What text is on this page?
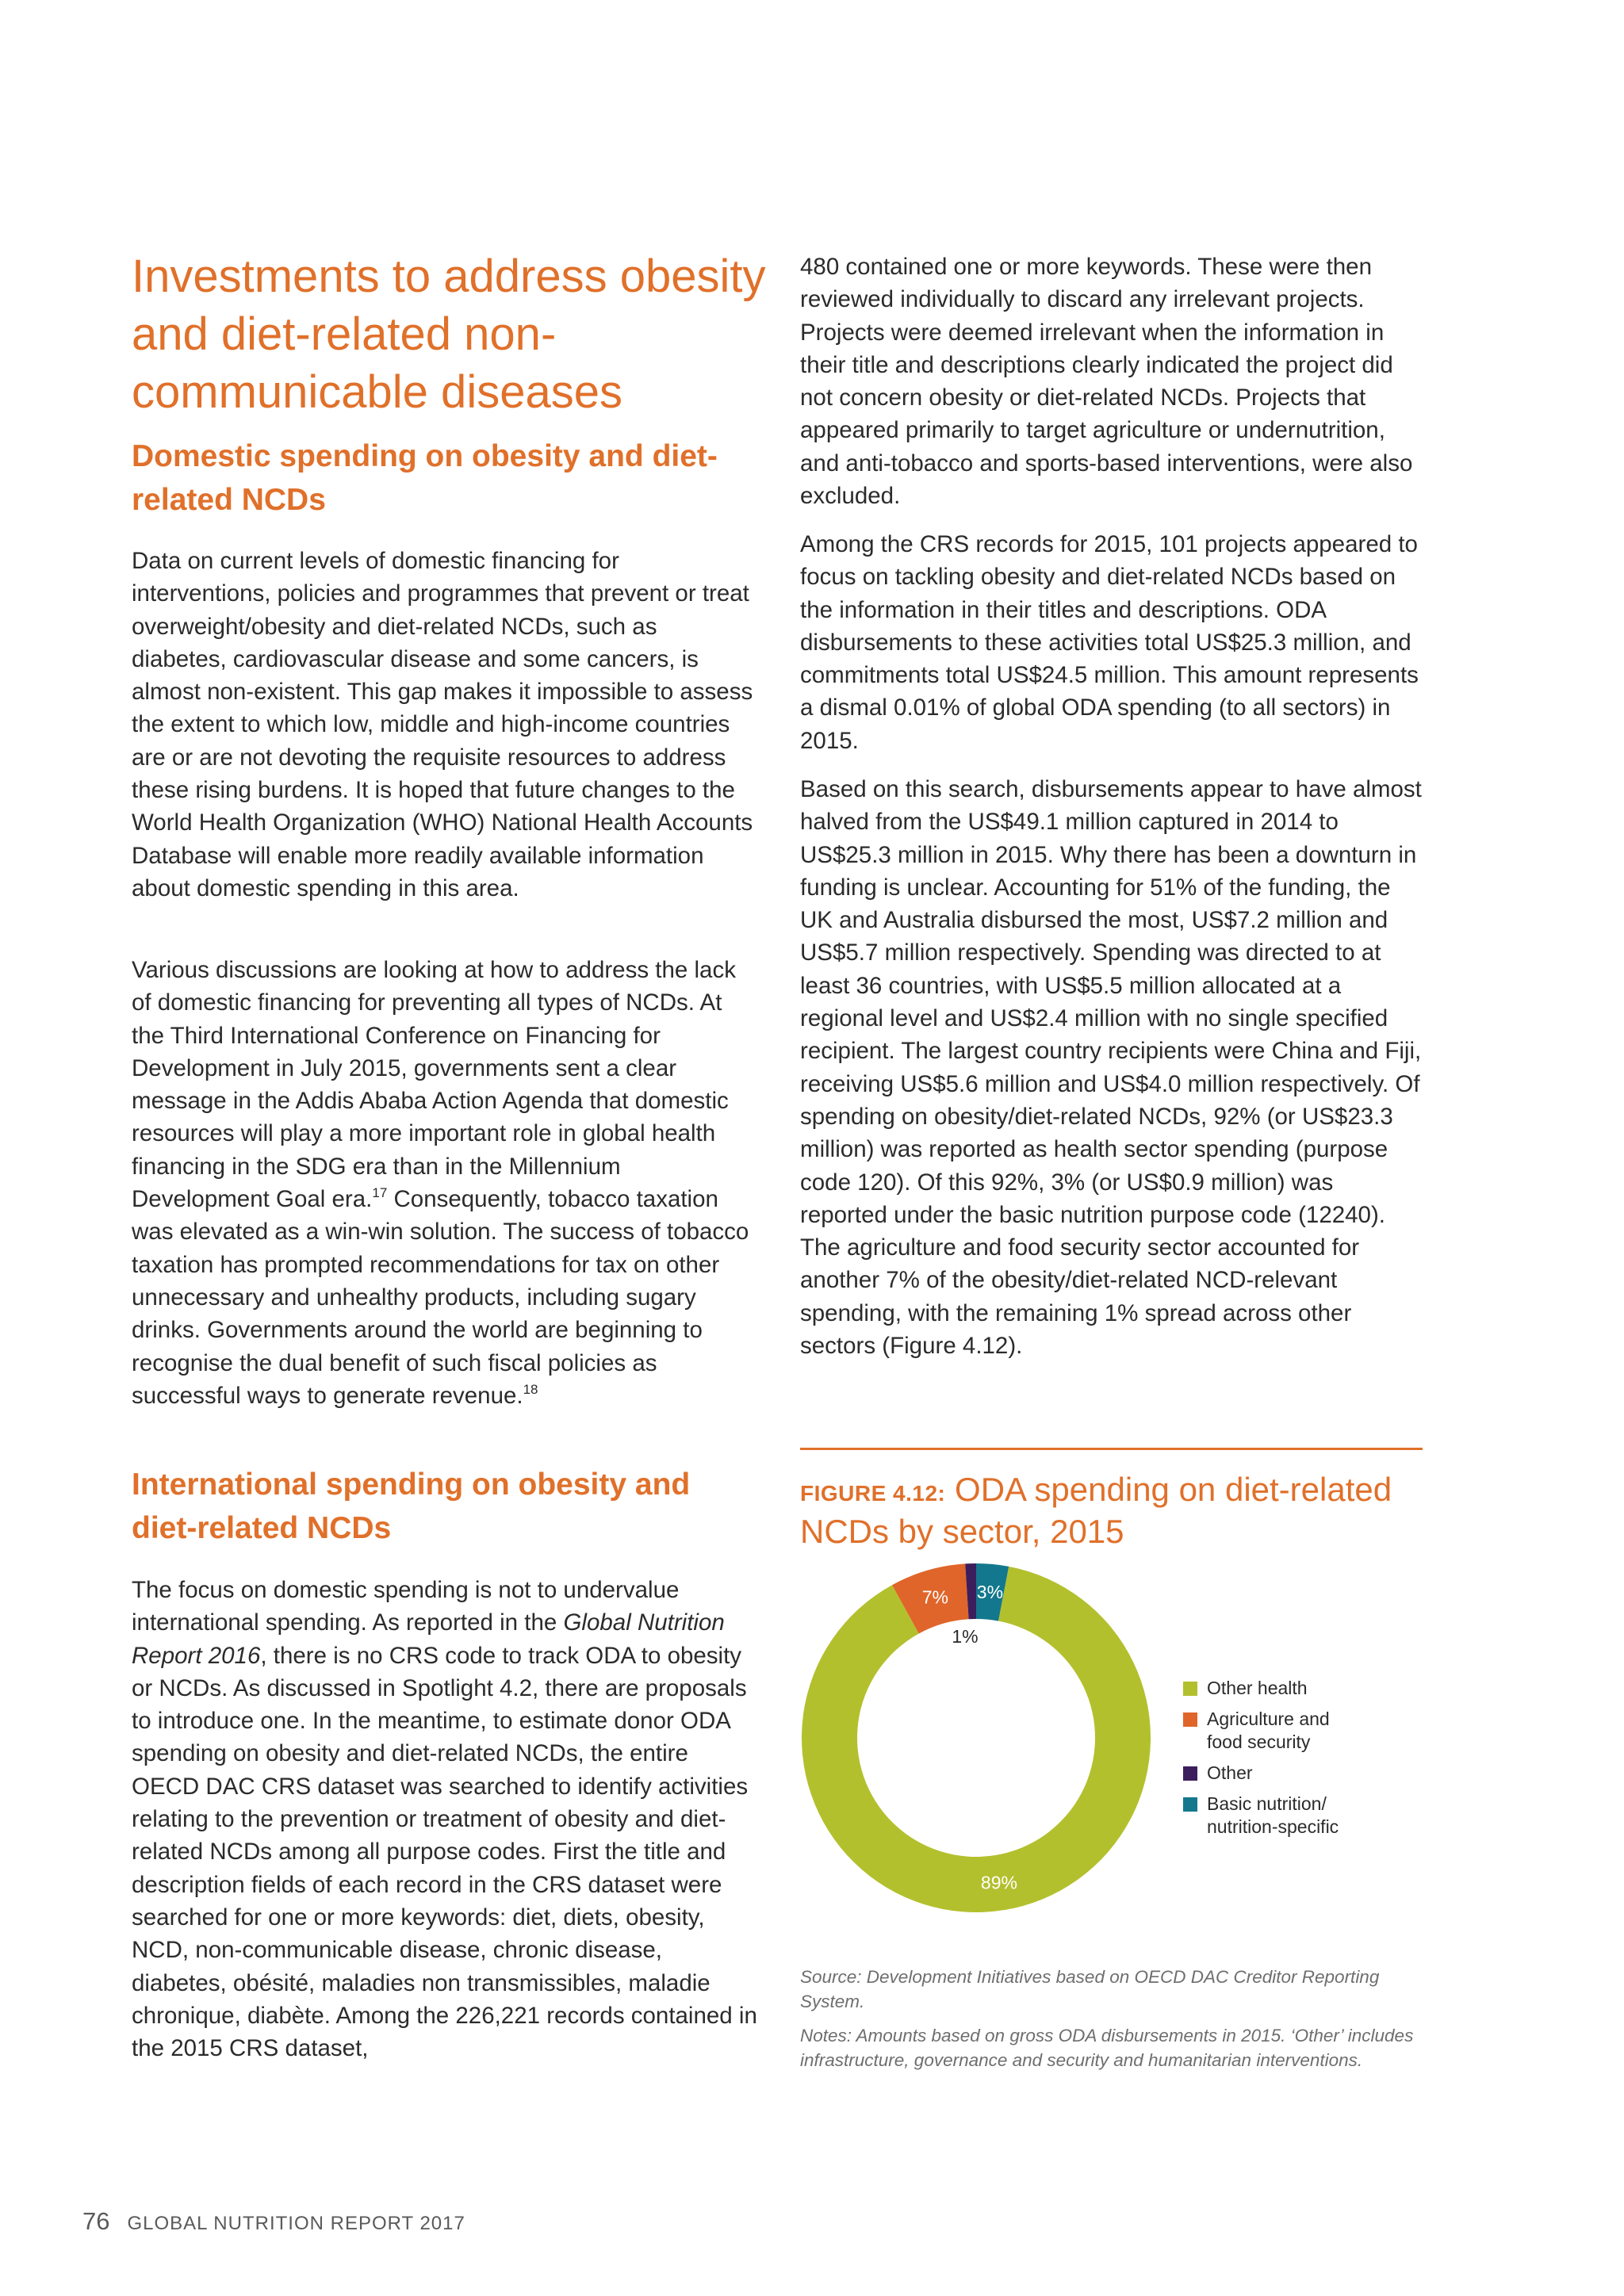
Investments to address obesity and diet-related non-communicable diseases
Domestic spending on obesity and diet-related NCDs

Data on current levels of domestic financing for interventions, policies and programmes that prevent or treat overweight/obesity and diet-related NCDs, such as diabetes, cardiovascular disease and some cancers, is almost non-existent. This gap makes it impossible to assess the extent to which low, middle and high-income countries are or are not devoting the requisite resources to address these rising burdens. It is hoped that future changes to the World Health Organization (WHO) National Health Accounts Database will enable more readily available information about domestic spending in this area.

Various discussions are looking at how to address the lack of domestic financing for preventing all types of NCDs. At the Third International Conference on Financing for Development in July 2015, governments sent a clear message in the Addis Ababa Action Agenda that domestic resources will play a more important role in global health financing in the SDG era than in the Millennium Development Goal era.$^{17}$ Consequently, tobacco taxation was elevated as a win-win solution. The success of tobacco taxation has prompted recommendations for tax on other unnecessary and unhealthy products, including sugary drinks. Governments around the world are beginning to recognise the dual benefit of such fiscal policies as successful ways to generate revenue.$^{18}$

International spending on obesity and diet-related NCDs

The focus on domestic spending is not to undervalue international spending. As reported in the Global Nutrition Report 2016, there is no CRS code to track ODA to obesity or NCDs. As discussed in Spotlight 4.2, there are proposals to introduce one. In the meantime, to estimate donor ODA spending on obesity and diet-related NCDs, the entire OECD DAC CRS dataset was searched to identify activities relating to the prevention or treatment of obesity and diet-related NCDs among all purpose codes. First the title and description fields of each record in the CRS dataset were searched for one or more keywords: diet, diets, obesity, NCD, non-communicable disease, chronic disease, diabetes, obésité, maladies non transmissibles, maladie chronique, diabète. Among the 226,221 records contained in the 2015 CRS dataset,

480 contained one or more keywords. These were then reviewed individually to discard any irrelevant projects. Projects were deemed irrelevant when the information in their title and descriptions clearly indicated the project did not concern obesity or diet-related NCDs. Projects that appeared primarily to target agriculture or undernutrition, and anti-tobacco and sports-based interventions, were also excluded.

Among the CRS records for 2015, 101 projects appeared to focus on tackling obesity and diet-related NCDs based on the information in their titles and descriptions. ODA disbursements to these activities total US$25.3 million, and commitments total US$24.5 million. This amount represents a dismal 0.01% of global ODA spending (to all sectors) in 2015.

Based on this search, disbursements appear to have almost halved from the US$49.1 million captured in 2014 to US$25.3 million in 2015. Why there has been a downturn in funding is unclear. Accounting for 51% of the funding, the UK and Australia disbursed the most, US$7.2 million and US$5.7 million respectively. Spending was directed to at least 36 countries, with US$5.5 million allocated at a regional level and US$2.4 million with no single specified recipient. The largest country recipients were China and Fiji, receiving US$5.6 million and US$4.0 million respectively. Of spending on obesity/diet-related NCDs, 92% (or US$23.3 million) was reported as health sector spending (purpose code 120). Of this 92%, 3% (or US$0.9 million) was reported under the basic nutrition purpose code (12240). The agriculture and food security sector accounted for another 7% of the obesity/diet-related NCD-relevant spending, with the remaining 1% spread across other sectors (Figure 4.12).

FIGURE 4.12: ODA spending on diet-related NCDs by sector, 2015
3%
89%
7%
1%
Other health
Agriculture and
food security
Other
Basic nutrition/
nutrition-specific

Source: Development Initiatives based on OECD DAC Creditor Reporting System.

Notes: Amounts based on gross ODA disbursements in 2015. ‘Other’ includes infrastructure, governance and security and humanitarian interventions.

76 GLOBAL NUTRITION REPORT 2017
